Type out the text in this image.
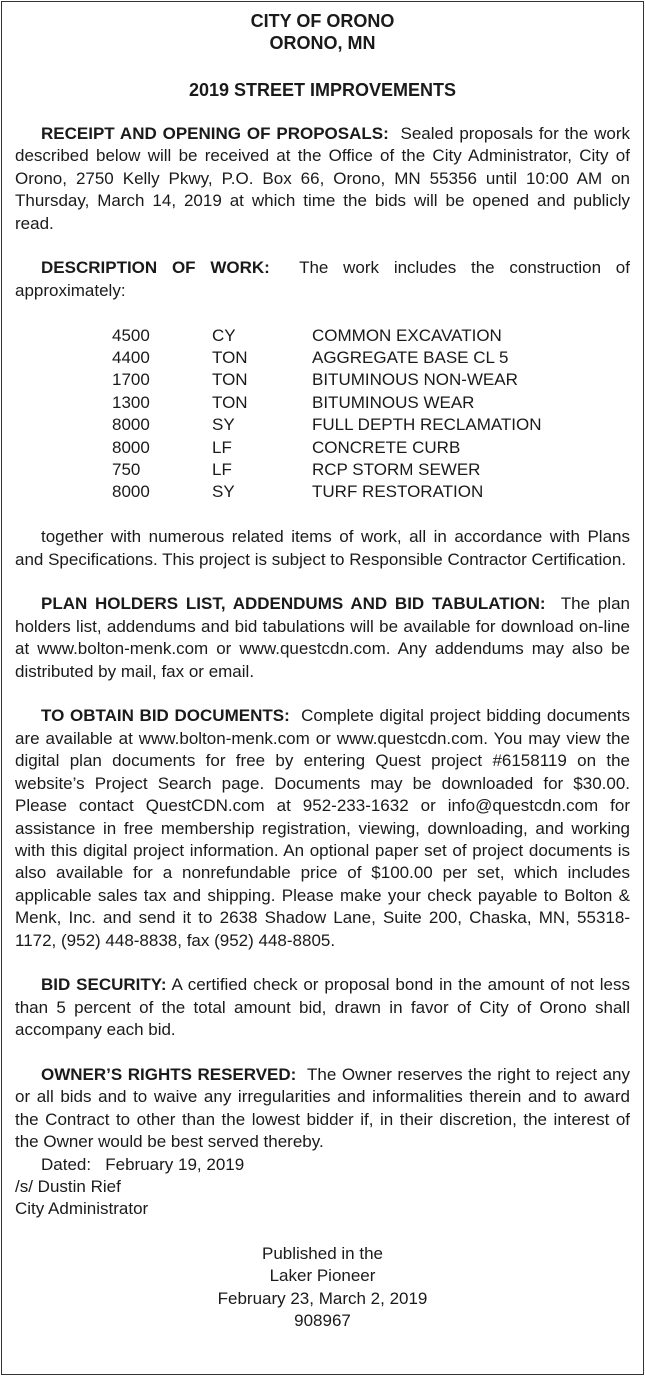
CITY OF ORONO
ORONO, MN
2019 STREET IMPROVEMENTS

RECEIPT AND OPENING OF PROPOSALS: Sealed proposals for the work described below will be received at the Office of the City Administrator, City of Orono, 2750 Kelly Pkwy, P.O. Box 66, Orono, MN 55356 until 10:00 AM on Thursday, March 14, 2019 at which time the bids will be opened and publicly read.

DESCRIPTION OF WORK: The work includes the construction of approximately:

4500	CY	COMMON EXCAVATION
4400	TON	AGGREGATE BASE CL 5
1700	TON	BITUMINOUS NON-WEAR
1300	TON	BITUMINOUS WEAR
8000	SY	FULL DEPTH RECLAMATION
8000	LF	CONCRETE CURB
750	LF	RCP STORM SEWER
8000	SY	TURF RESTORATION

together with numerous related items of work, all in accordance with Plans and Specifications. This project is subject to Responsible Contractor Certification.

PLAN HOLDERS LIST, ADDENDUMS AND BID TABULATION: The plan holders list, addendums and bid tabulations will be available for download on-line at www.bolton-menk.com or www.questcdn.com. Any addendums may also be distributed by mail, fax or email.

TO OBTAIN BID DOCUMENTS: Complete digital project bidding documents are available at www.bolton-menk.com or www.questcdn.com. You may view the digital plan documents for free by entering Quest project #6158119 on the website’s Project Search page. Documents may be downloaded for $30.00. Please contact QuestCDN.com at 952-233-1632 or info@questcdn.com for assistance in free membership registration, viewing, downloading, and working with this digital project information. An optional paper set of project documents is also available for a nonrefundable price of $100.00 per set, which includes applicable sales tax and shipping. Please make your check payable to Bolton & Menk, Inc. and send it to 2638 Shadow Lane, Suite 200, Chaska, MN, 55318-1172, (952) 448-8838, fax (952) 448-8805.

BID SECURITY: A certified check or proposal bond in the amount of not less than 5 percent of the total amount bid, drawn in favor of City of Orono shall accompany each bid.

OWNER’S RIGHTS RESERVED: The Owner reserves the right to reject any or all bids and to waive any irregularities and informalities therein and to award the Contract to other than the lowest bidder if, in their discretion, the interest of the Owner would be best served thereby.

Dated:   February 19, 2019
/s/ Dustin Rief
City Administrator
Published in the
Laker Pioneer
February 23, March 2, 2019
908967
